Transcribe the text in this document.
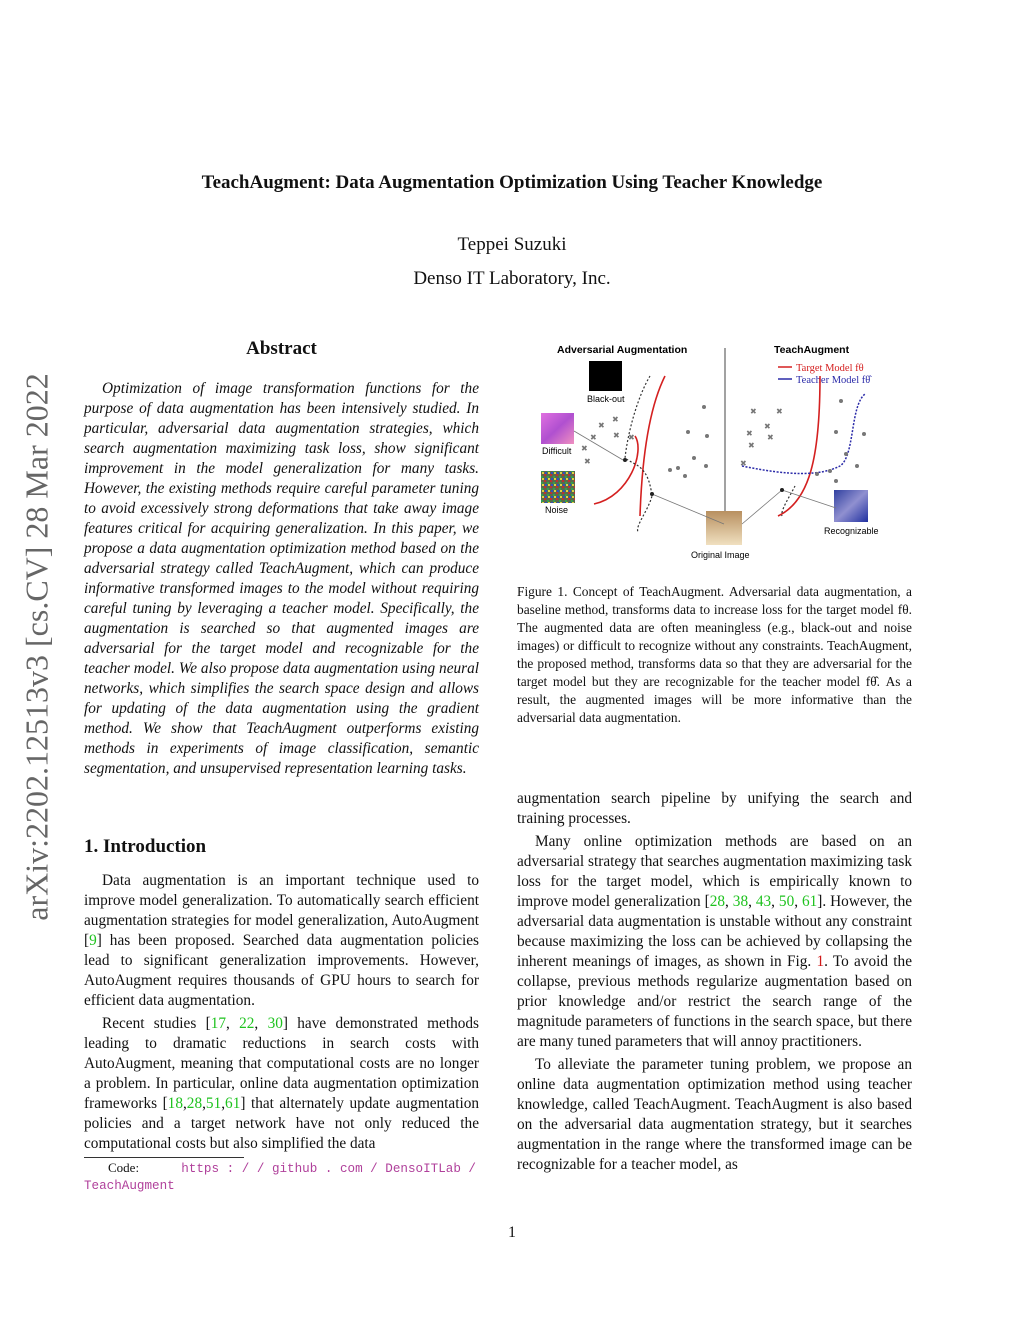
TeachAugment: Data Augmentation Optimization Using Teacher Knowledge
Teppei Suzuki
Denso IT Laboratory, Inc.
arXiv:2202.12513v3 [cs.CV] 28 Mar 2022
Abstract

Optimization of image transformation functions for the purpose of data augmentation has been intensively studied. In particular, adversarial data augmentation strategies, which search augmentation maximizing task loss, show significant improvement in the model generalization for many tasks. However, the existing methods require careful parameter tuning to avoid excessively strong deformations that take away image features critical for acquiring generalization. In this paper, we propose a data augmentation optimization method based on the adversarial strategy called TeachAugment, which can produce informative transformed images to the model without requiring careful tuning by leveraging a teacher model. Specifically, the augmentation is searched so that augmented images are adversarial for the target model and recognizable for the teacher model. We also propose data augmentation using neural networks, which simplifies the search space design and allows for updating of the data augmentation using the gradient method. We show that TeachAugment outperforms existing methods in experiments of image classification, semantic segmentation, and unsupervised representation learning tasks.

1. Introduction

Data augmentation is an important technique used to improve model generalization. To automatically search efficient augmentation strategies for model generalization, AutoAugment [9] has been proposed. Searched data augmentation policies lead to significant generalization improvements. However, AutoAugment requires thousands of GPU hours to search for efficient data augmentation.

Recent studies [17, 22, 30] have demonstrated methods leading to dramatic reductions in search costs with AutoAugment, meaning that computational costs are no longer a problem. In particular, online data augmentation optimization frameworks [18,28,51,61] that alternately update augmentation policies and a target network have not only reduced the computational costs but also simplified the data

Code:	https : / / github . com / DensoITLab / TeachAugment
Adversarial Augmentation	TeachAugment
Target Model fθ
Teacher Model fθ̂
Black-out
Difficult
Noise
Original Image
Recognizable
✖
✖
✖
✖	✖
✖
✖
✖
✖
✖
✖ ✖
✖
✖
Figure 1. Concept of TeachAugment. Adversarial data augmentation, a baseline method, transforms data to increase loss for the target model fθ. The augmented data are often meaningless (e.g., black-out and noise images) or difficult to recognize without any constraints. TeachAugment, the proposed method, transforms data so that they are adversarial for the target model but they are recognizable for the teacher model fθ̂. As a result, the augmented images will be more informative than the adversarial data augmentation.

augmentation search pipeline by unifying the search and training processes.

Many online optimization methods are based on an adversarial strategy that searches augmentation maximizing task loss for the target model, which is empirically known to improve model generalization [28, 38, 43, 50, 61]. However, the adversarial data augmentation is unstable without any constraint because maximizing the loss can be achieved by collapsing the inherent meanings of images, as shown in Fig. 1. To avoid the collapse, previous methods regularize augmentation based on prior knowledge and/or restrict the search range of the magnitude parameters of functions in the search space, but there are many tuned parameters that will annoy practitioners.

To alleviate the parameter tuning problem, we propose an online data augmentation optimization method using teacher knowledge, called TeachAugment. TeachAugment is also based on the adversarial data augmentation strategy, but it searches augmentation in the range where the transformed image can be recognizable for a teacher model, as

1
